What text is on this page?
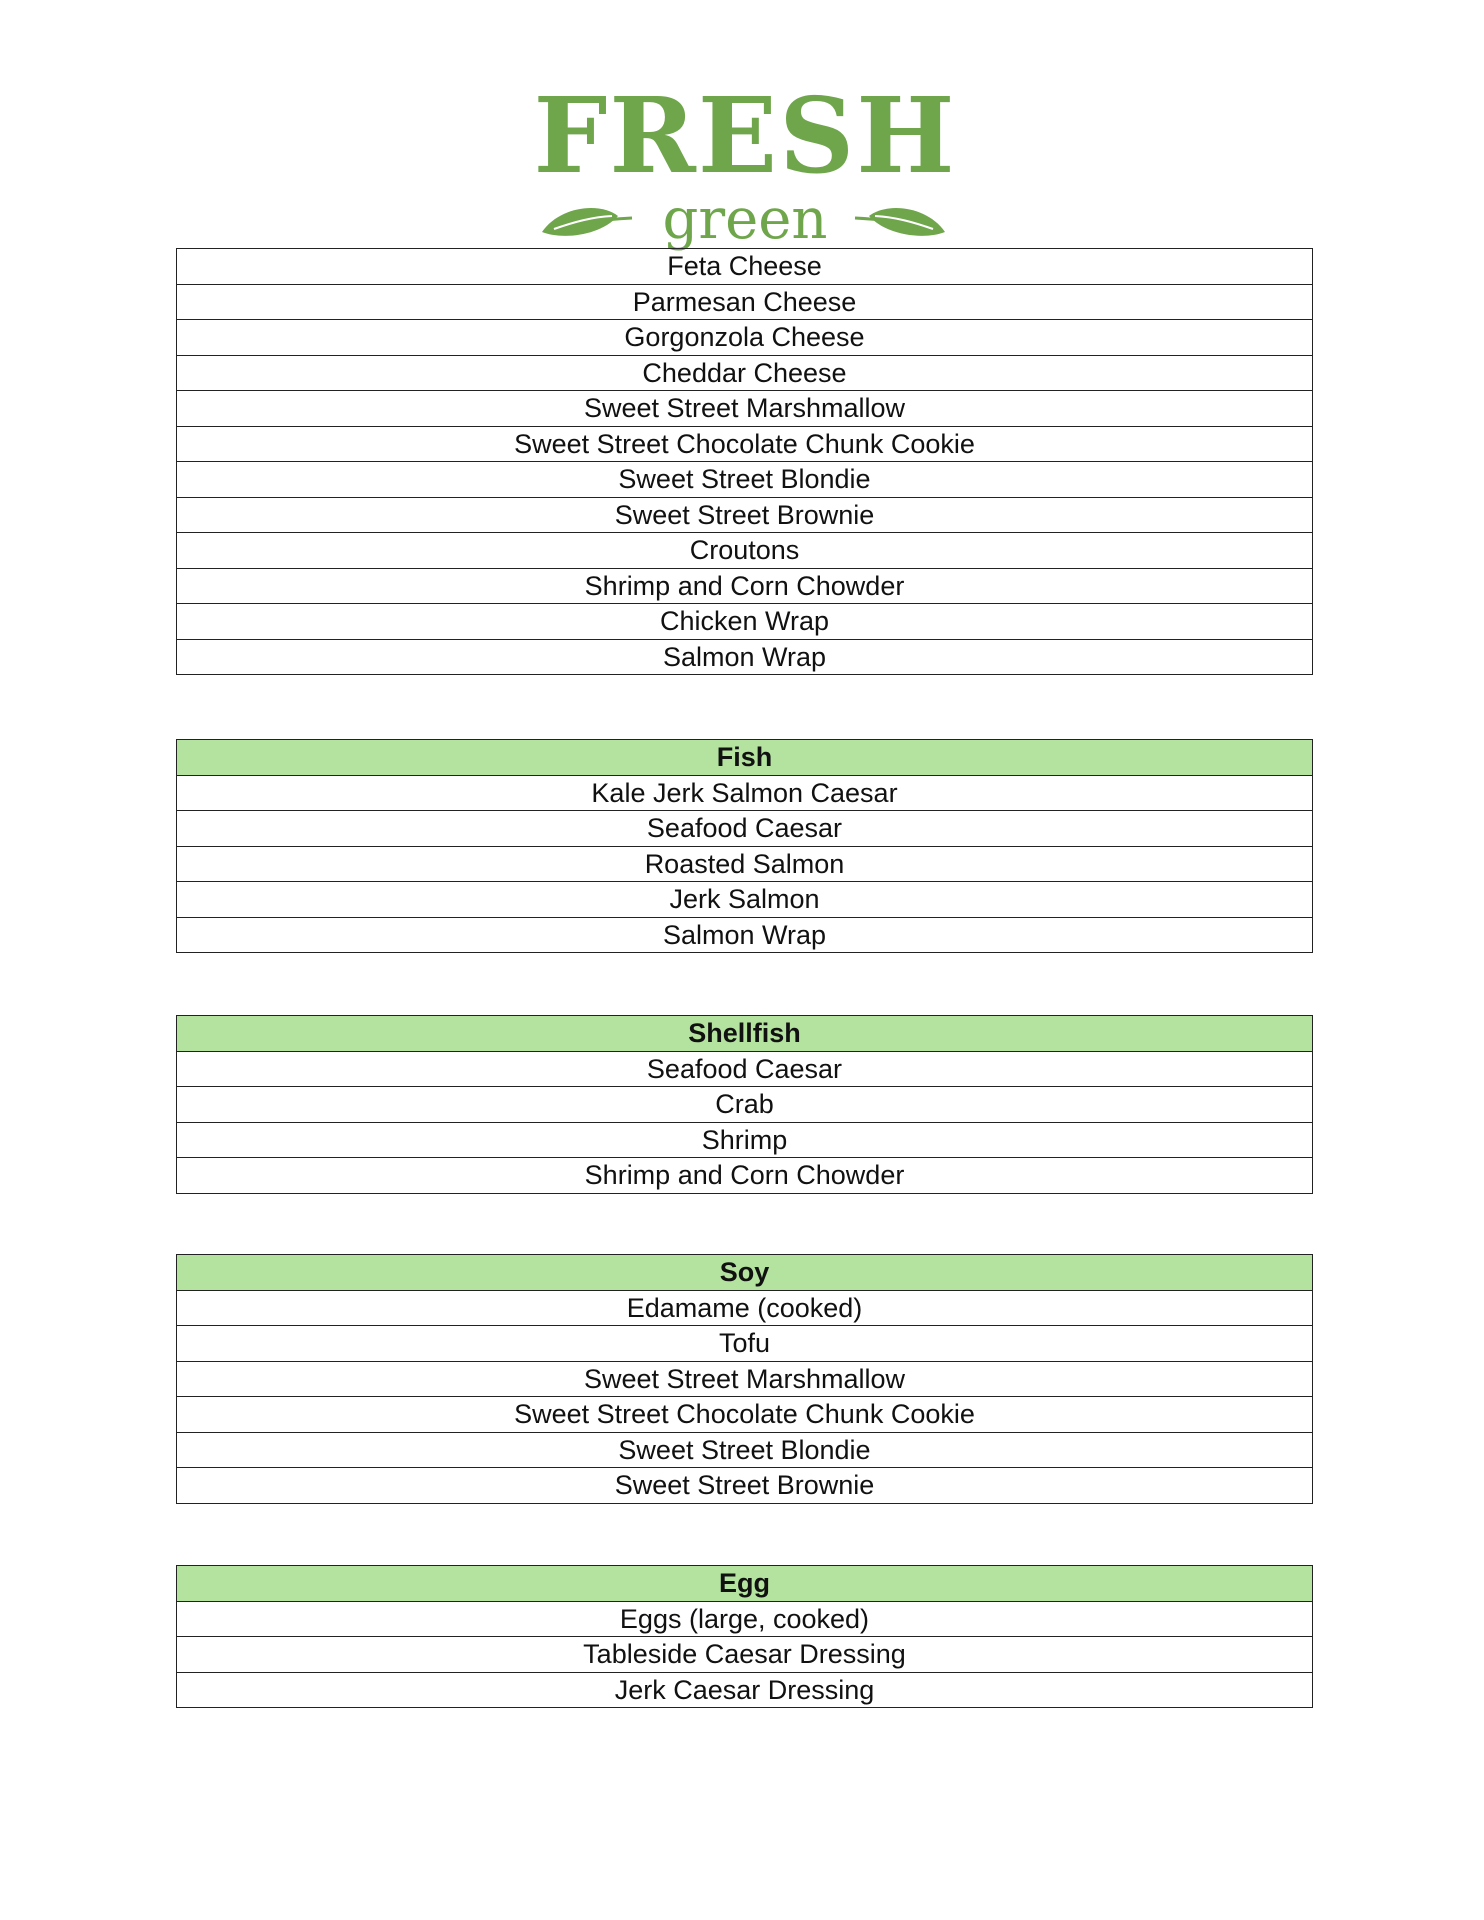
FRESH
green
Feta Cheese
Parmesan Cheese
Gorgonzola Cheese
Cheddar Cheese
Sweet Street Marshmallow
Sweet Street Chocolate Chunk Cookie
Sweet Street Blondie
Sweet Street Brownie
Croutons
Shrimp and Corn Chowder
Chicken Wrap
Salmon Wrap
Fish
Kale Jerk Salmon Caesar
Seafood Caesar
Roasted Salmon
Jerk Salmon
Salmon Wrap
Shellfish
Seafood Caesar
Crab
Shrimp
Shrimp and Corn Chowder
Soy
Edamame (cooked)
Tofu
Sweet Street Marshmallow
Sweet Street Chocolate Chunk Cookie
Sweet Street Blondie
Sweet Street Brownie
Egg
Eggs (large, cooked)
Tableside Caesar Dressing
Jerk Caesar Dressing
